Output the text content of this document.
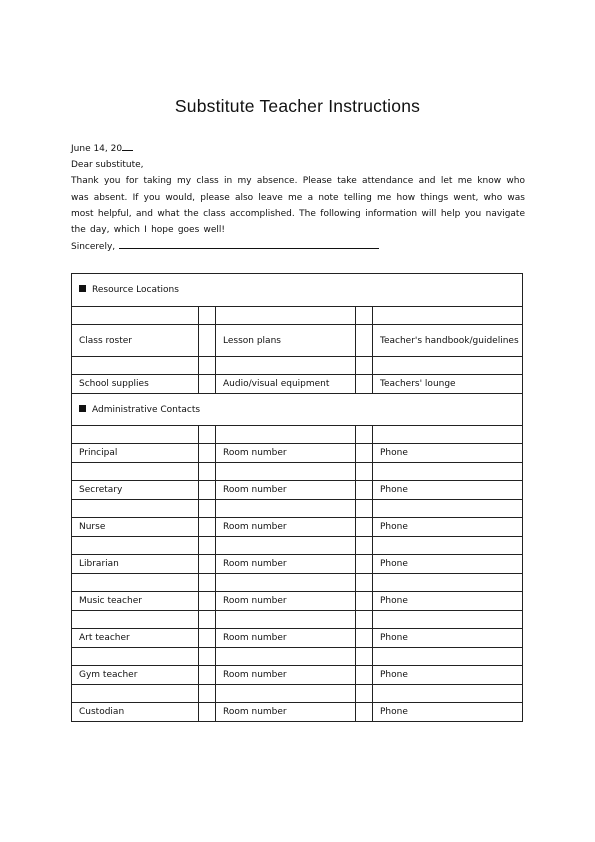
Substitute Teacher Instructions

June 14, 20

Dear substitute,

Thank you for taking my class in my absence. Please take attendance and let me know who was absent. If you would, please also leave me a note telling me how things went, who was most helpful, and what the class accomplished. The following information will help you navigate the day, which I hope goes well!

Sincerely,

Resource Locations				

Class roster		Lesson plans		Teacher's handbook/guidelines

School supplies		Audio/visual equipment		Teachers' lounge
Administrative Contacts				

Principal		Room number		Phone

Secretary		Room number		Phone

Nurse		Room number		Phone

Librarian		Room number		Phone

Music teacher		Room number		Phone

Art teacher		Room number		Phone

Gym teacher		Room number		Phone

Custodian		Room number		Phone
